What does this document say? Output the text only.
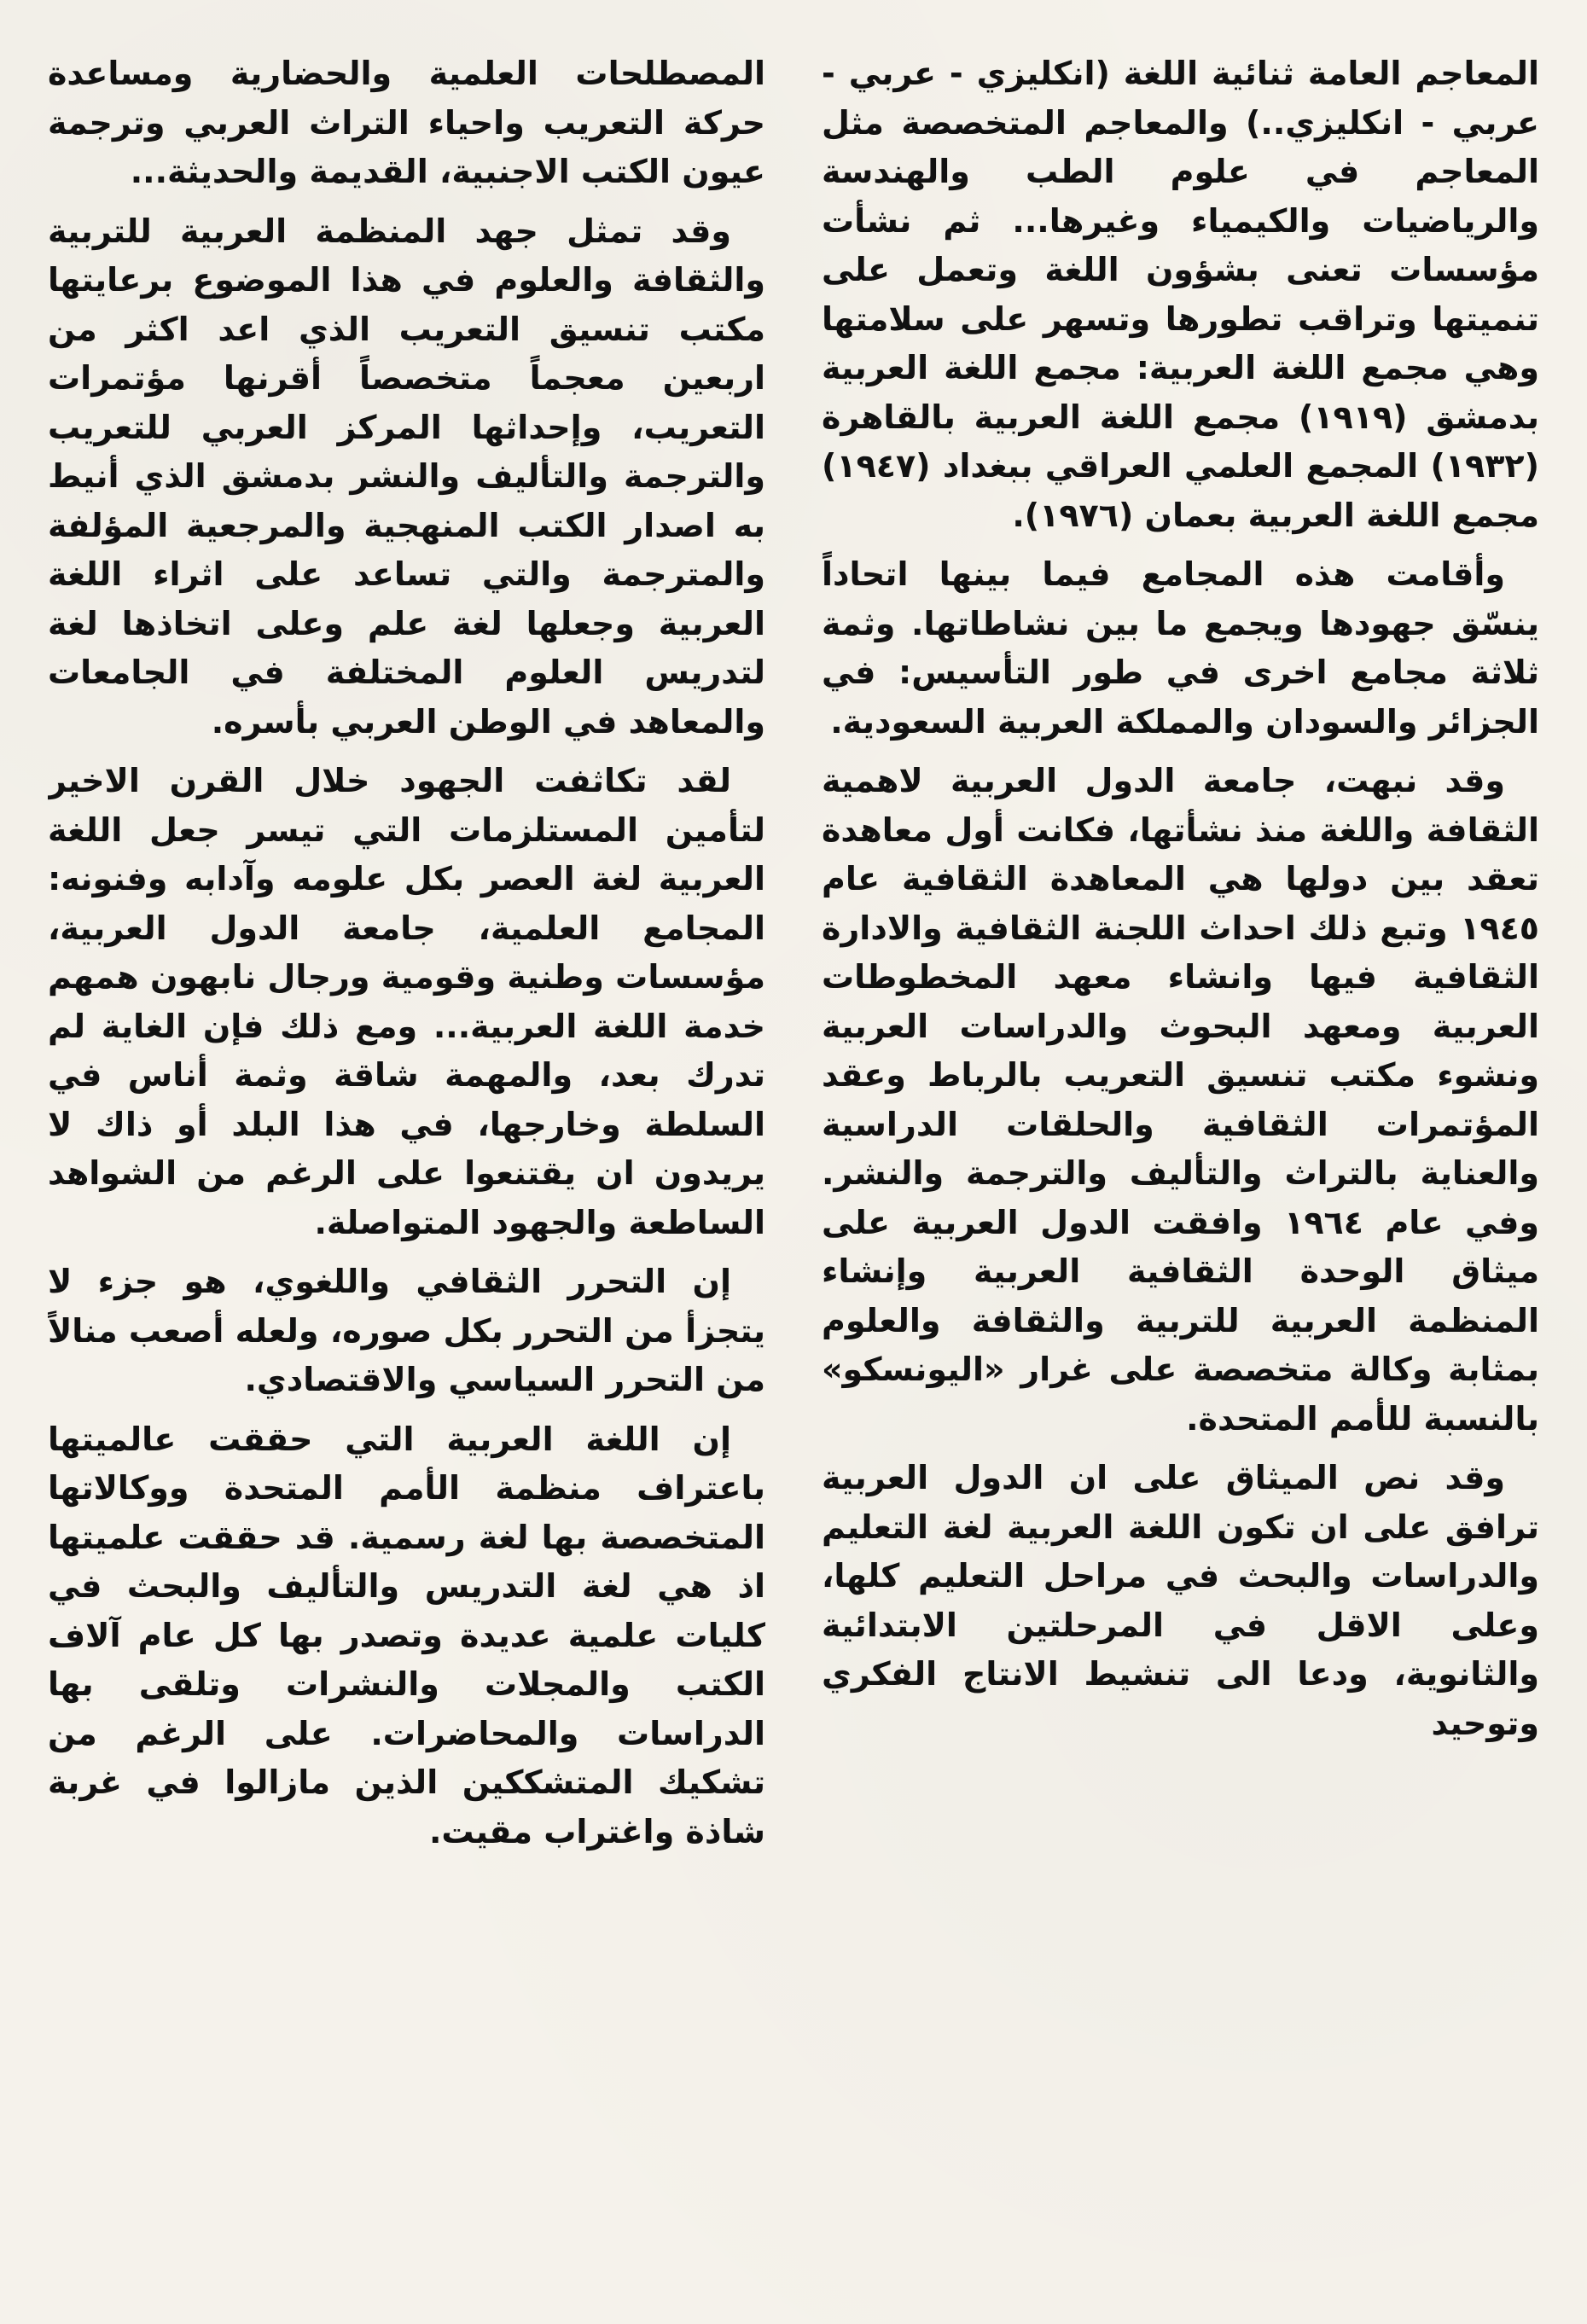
المعاجم العامة ثنائية اللغة (انكليزي - عربي - عربي - انكليزي..) والمعاجم المتخصصة مثل المعاجم في علوم الطب والهندسة والرياضيات والكيمياء وغيرها... ثم نشأت مؤسسات تعنى بشؤون اللغة وتعمل على تنميتها وتراقب تطورها وتسهر على سلامتها وهي مجمع اللغة العربية: مجمع اللغة العربية بدمشق (١٩١٩) مجمع اللغة العربية بالقاهرة (١٩٣٢) المجمع العلمي العراقي ببغداد (١٩٤٧) مجمع اللغة العربية بعمان (١٩٧٦).

وأقامت هذه المجامع فيما بينها اتحاداً ينسّق جهودها ويجمع ما بين نشاطاتها. وثمة ثلاثة مجامع اخرى في طور التأسيس: في الجزائر والسودان والمملكة العربية السعودية.

وقد نبهت، جامعة الدول العربية لاهمية الثقافة واللغة منذ نشأتها، فكانت أول معاهدة تعقد بين دولها هي المعاهدة الثقافية عام ١٩٤٥ وتبع ذلك احداث اللجنة الثقافية والادارة الثقافية فيها وانشاء معهد المخطوطات العربية ومعهد البحوث والدراسات العربية ونشوء مكتب تنسيق التعريب بالرباط وعقد المؤتمرات الثقافية والحلقات الدراسية والعناية بالتراث والتأليف والترجمة والنشر. وفي عام ١٩٦٤ وافقت الدول العربية على ميثاق الوحدة الثقافية العربية وإنشاء المنظمة العربية للتربية والثقافة والعلوم بمثابة وكالة متخصصة على غرار «اليونسكو» بالنسبة للأمم المتحدة.

وقد نص الميثاق على ان الدول العربية ترافق على ان تكون اللغة العربية لغة التعليم والدراسات والبحث في مراحل التعليم كلها، وعلى الاقل في المرحلتين الابتدائية والثانوية، ودعا الى تنشيط الانتاج الفكري وتوحيد

المصطلحات العلمية والحضارية ومساعدة حركة التعريب واحياء التراث العربي وترجمة عيون الكتب الاجنبية، القديمة والحديثة...

وقد تمثل جهد المنظمة العربية للتربية والثقافة والعلوم في هذا الموضوع برعايتها مكتب تنسيق التعريب الذي اعد اكثر من اربعين معجماً متخصصاً أقرنها مؤتمرات التعريب، وإحداثها المركز العربي للتعريب والترجمة والتأليف والنشر بدمشق الذي أنيط به اصدار الكتب المنهجية والمرجعية المؤلفة والمترجمة والتي تساعد على اثراء اللغة العربية وجعلها لغة علم وعلى اتخاذها لغة لتدريس العلوم المختلفة في الجامعات والمعاهد في الوطن العربي بأسره.

لقد تكاثفت الجهود خلال القرن الاخير لتأمين المستلزمات التي تيسر جعل اللغة العربية لغة العصر بكل علومه وآدابه وفنونه: المجامع العلمية، جامعة الدول العربية، مؤسسات وطنية وقومية ورجال نابهون همهم خدمة اللغة العربية... ومع ذلك فإن الغاية لم تدرك بعد، والمهمة شاقة وثمة أناس في السلطة وخارجها، في هذا البلد أو ذاك لا يريدون ان يقتنعوا على الرغم من الشواهد الساطعة والجهود المتواصلة.

إن التحرر الثقافي واللغوي، هو جزء لا يتجزأ من التحرر بكل صوره، ولعله أصعب منالاً من التحرر السياسي والاقتصادي.

إن اللغة العربية التي حققت عالميتها باعتراف منظمة الأمم المتحدة ووكالاتها المتخصصة بها لغة رسمية. قد حققت علميتها اذ هي لغة التدريس والتأليف والبحث في كليات علمية عديدة وتصدر بها كل عام آلاف الكتب والمجلات والنشرات وتلقى بها الدراسات والمحاضرات. على الرغم من تشكيك المتشككين الذين مازالوا في غربة شاذة واغتراب مقيت.
